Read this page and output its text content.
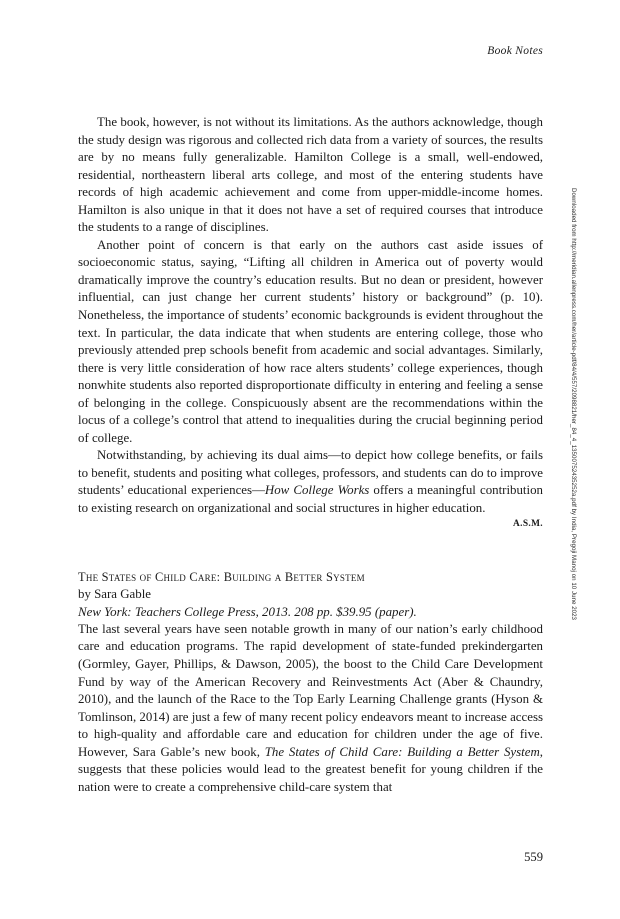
Book Notes

The book, however, is not without its limitations. As the authors acknowledge, though the study design was rigorous and collected rich data from a variety of sources, the results are by no means fully generalizable. Hamilton College is a small, well-endowed, residential, northeastern liberal arts college, and most of the entering students have records of high academic achievement and come from upper-middle-income homes. Hamilton is also unique in that it does not have a set of required courses that introduce the students to a range of disciplines.

Another point of concern is that early on the authors cast aside issues of socioeconomic status, saying, “Lifting all children in America out of poverty would dramatically improve the country’s education results. But no dean or president, however influential, can just change her current students’ history or background” (p. 10). Nonetheless, the importance of students’ economic backgrounds is evident throughout the text. In particular, the data indicate that when students are entering college, those who previously attended prep schools benefit from academic and social advantages. Similarly, there is very little consideration of how race alters students’ college experiences, though nonwhite students also reported disproportionate difficulty in entering and feeling a sense of belonging in the college. Conspicuously absent are the recommendations within the locus of a college’s control that attend to inequalities during the crucial beginning period of college.

Notwithstanding, by achieving its dual aims—to depict how college benefits, or fails to benefit, students and positing what colleges, professors, and students can do to improve students’ educational experiences—How College Works offers a meaningful contribution to existing research on organizational and social structures in higher education.

A.S.M.

The States of Child Care: Building a Better System

by Sara Gable

New York: Teachers College Press, 2013. 208 pp. $39.95 (paper).

The last several years have seen notable growth in many of our nation’s early childhood care and education programs. The rapid development of state-funded prekindergarten (Gormley, Gayer, Phillips, & Dawson, 2005), the boost to the Child Care Development Fund by way of the American Recovery and Reinvestments Act (Aber & Chaundry, 2010), and the launch of the Race to the Top Early Learning Challenge grants (Hyson & Tomlinson, 2014) are just a few of many recent policy endeavors meant to increase access to high-quality and affordable care and education for children under the age of five. However, Sara Gable’s new book, The States of Child Care: Building a Better System, suggests that these policies would lead to the greatest benefit for young children if the nation were to create a comprehensive child-care system that

559
Downloaded from http://meridian.allenpress.com/her/article-pdf/84/4/557/2098821/her_84_4_13500752435252a.pdf by India, Pregoji Manoj on 10 June 2023
